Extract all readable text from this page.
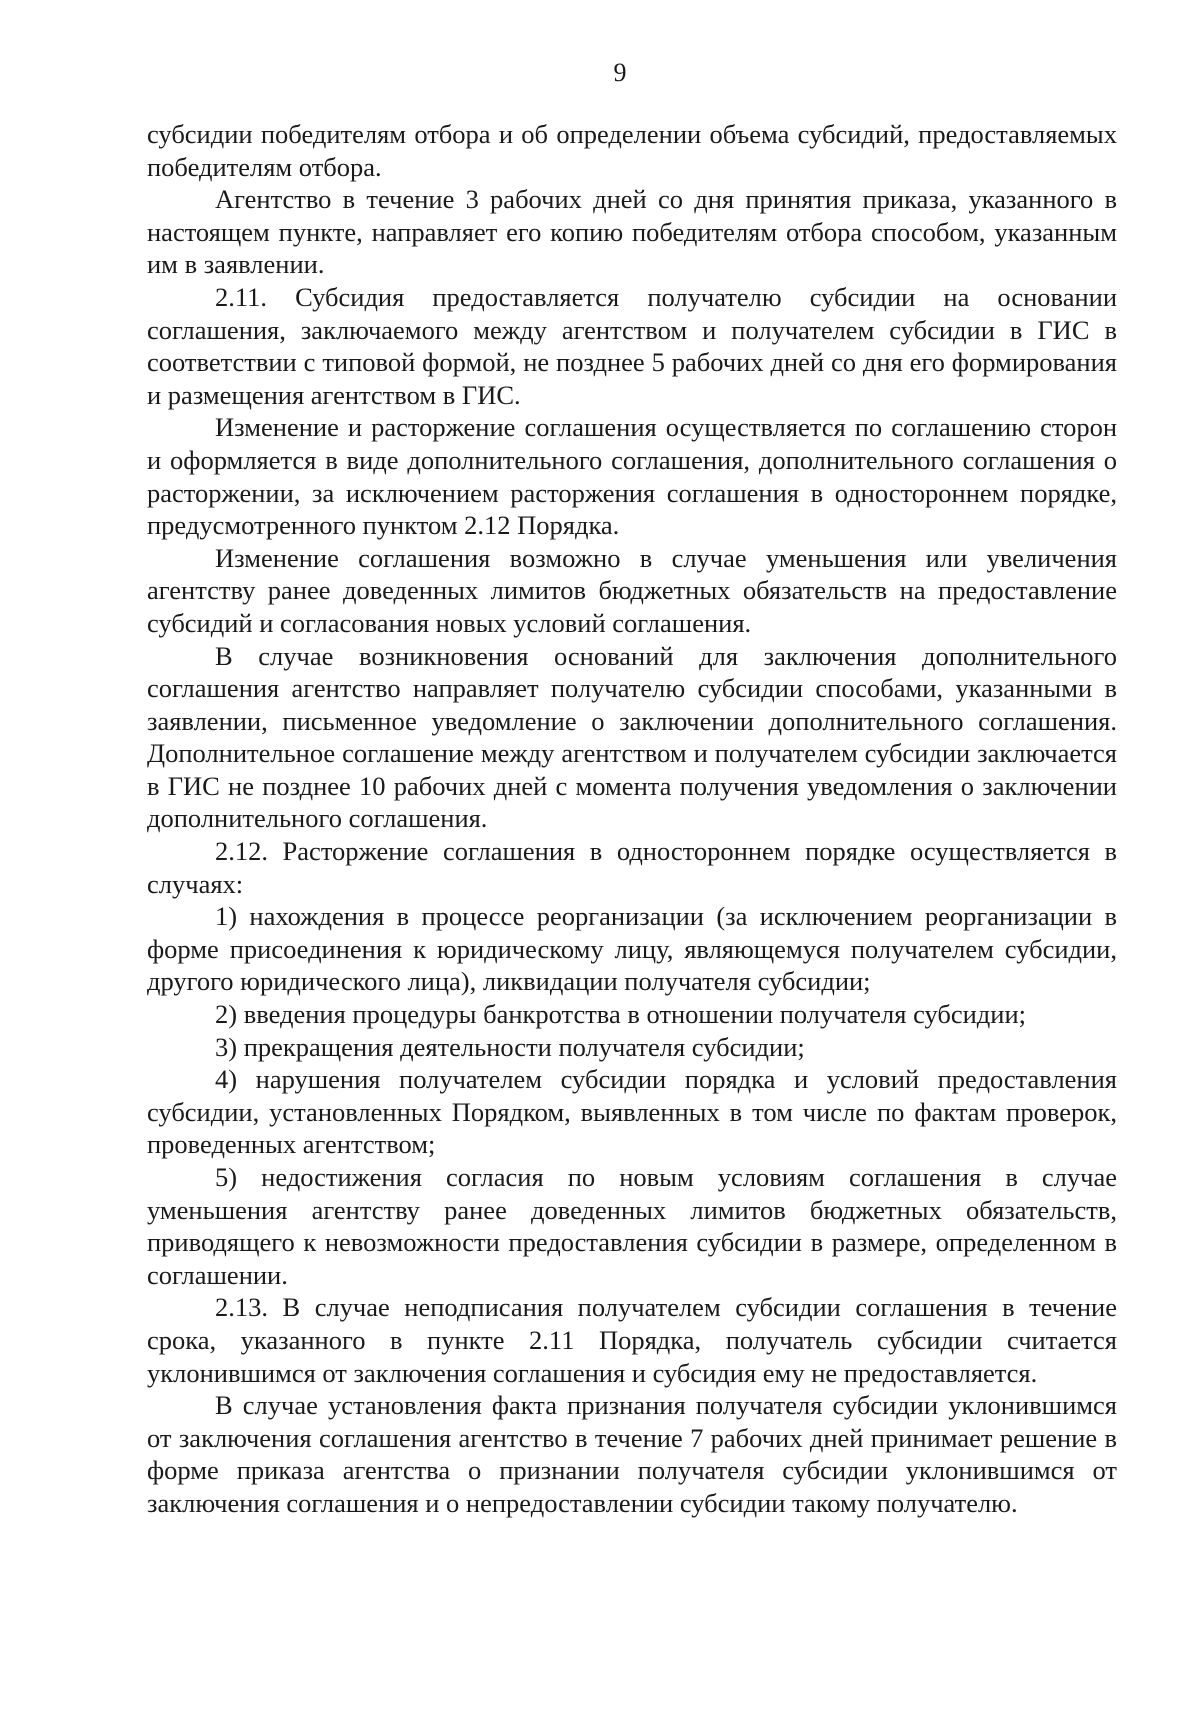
9

субсидии победителям отбора и об определении объема субсидий, предоставляемых победителям отбора.

Агентство в течение 3 рабочих дней со дня принятия приказа, указанного в настоящем пункте, направляет его копию победителям отбора способом, указанным им в заявлении.

2.11. Субсидия предоставляется получателю субсидии на основании соглашения, заключаемого между агентством и получателем субсидии в ГИС в соответствии с типовой формой, не позднее 5 рабочих дней со дня его формирования и размещения агентством в ГИС.

Изменение и расторжение соглашения осуществляется по соглашению сторон и оформляется в виде дополнительного соглашения, дополнительного соглашения о расторжении, за исключением расторжения соглашения в одностороннем порядке, предусмотренного пунктом 2.12 Порядка.

Изменение соглашения возможно в случае уменьшения или увеличения агентству ранее доведенных лимитов бюджетных обязательств на предоставление субсидий и согласования новых условий соглашения.

В случае возникновения оснований для заключения дополнительного соглашения агентство направляет получателю субсидии способами, указанными в заявлении, письменное уведомление о заключении дополнительного соглашения. Дополнительное соглашение между агентством и получателем субсидии заключается в ГИС не позднее 10 рабочих дней с момента получения уведомления о заключении дополнительного соглашения.

2.12. Расторжение соглашения в одностороннем порядке осуществляется в случаях:

1) нахождения в процессе реорганизации (за исключением реорганизации в форме присоединения к юридическому лицу, являющемуся получателем субсидии, другого юридического лица), ликвидации получателя субсидии;

2) введения процедуры банкротства в отношении получателя субсидии;

3) прекращения деятельности получателя субсидии;

4) нарушения получателем субсидии порядка и условий предоставления субсидии, установленных Порядком, выявленных в том числе по фактам проверок, проведенных агентством;

5) недостижения согласия по новым условиям соглашения в случае уменьшения агентству ранее доведенных лимитов бюджетных обязательств, приводящего к невозможности предоставления субсидии в размере, определенном в соглашении.

2.13. В случае неподписания получателем субсидии соглашения в течение срока, указанного в пункте 2.11 Порядка, получатель субсидии считается уклонившимся от заключения соглашения и субсидия ему не предоставляется.

В случае установления факта признания получателя субсидии уклонившимся от заключения соглашения агентство в течение 7 рабочих дней принимает решение в форме приказа агентства о признании получателя субсидии уклонившимся от заключения соглашения и о непредоставлении субсидии такому получателю.
